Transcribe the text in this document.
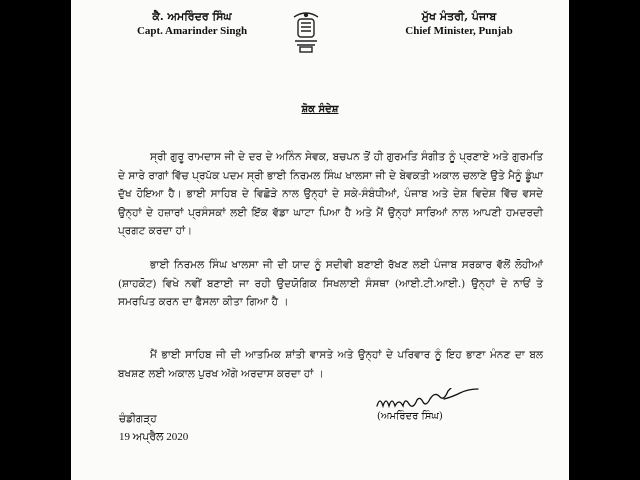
ਕੈ. ਅਮਰਿੰਦਰ ਸਿੰਘ
Capt. Amarinder Singh
ਮੁੱਖ ਮੰਤਰੀ, ਪੰਜਾਬ
Chief Minister, Punjab
ਸ਼ੋਕ ਸੰਦੇਸ਼
ਸ੍ਰੀ ਗੁਰੂ ਰਾਮਦਾਸ ਜੀ ਦੇ ਦਰ ਦੇ ਅਨਿੰਨ ਸੇਵਕ, ਬਚਪਨ ਤੋਂ ਹੀ ਗੁਰਮਤਿ ਸੰਗੀਤ ਨੂੰ ਪ੍ਰਣਾਏ ਅਤੇ ਗੁਰਮਤਿ ਦੇ ਸਾਰੇ ਰਾਗਾਂ ਵਿੱਚ ਪ੍ਰਪੱਕ ਪਦਮ ਸ੍ਰੀ ਭਾਈ ਨਿਰਮਲ ਸਿੰਘ ਖਾਲਸਾ ਜੀ ਦੇ ਬੇਵਕਤੀ ਅਕਾਲ ਚਲਾਣੇ ਉਤੇ ਮੈਨੂੰ ਡੂੰਘਾ ਦੁੱਖ ਹੋਇਆ ਹੈ। ਭਾਈ ਸਾਹਿਬ ਦੇ ਵਿਛੋੜੇ ਨਾਲ ਉਨ੍ਹਾਂ ਦੇ ਸਕੇ-ਸੰਬੰਧੀਆਂ, ਪੰਜਾਬ ਅਤੇ ਦੇਸ਼ ਵਿਦੇਸ਼ ਵਿੱਚ ਵਸਦੇ ਉਨ੍ਹਾਂ ਦੇ ਹਜ਼ਾਰਾਂ ਪ੍ਰਸੰਸਕਾਂ ਲਈ ਇੱਕ ਵੱਡਾ ਘਾਟਾ ਪਿਆ ਹੈ ਅਤੇ ਮੈਂ ਉਨ੍ਹਾਂ ਸਾਰਿਆਂ ਨਾਲ ਆਪਣੀ ਹਮਦਰਦੀ ਪ੍ਰਗਟ ਕਰਦਾ ਹਾਂ।
ਭਾਈ ਨਿਰਮਲ ਸਿੰਘ ਖਾਲਸਾ ਜੀ ਦੀ ਯਾਦ ਨੂੰ ਸਦੀਵੀ ਬਣਾਈ ਰੱਖਣ ਲਈ ਪੰਜਾਬ ਸਰਕਾਰ ਵੱਲੋਂ ਲੋਹੀਆਂ (ਸ਼ਾਹਕੋਟ) ਵਿਖੇ ਨਵੀਂ ਬਣਾਈ ਜਾ ਰਹੀ ਉਦਯੋਗਿਕ ਸਿਖਲਾਈ ਸੰਸਥਾ (ਆਈ.ਟੀ.ਆਈ.) ਉਨ੍ਹਾਂ ਦੇ ਨਾਓਂ ਤੇ ਸਮਰਪਿਤ ਕਰਨ ਦਾ ਫੈਸਲਾ ਕੀਤਾ ਗਿਆ ਹੈ ।
ਮੈਂ ਭਾਈ ਸਾਹਿਬ ਜੀ ਦੀ ਆਤਮਿਕ ਸ਼ਾਂਤੀ ਵਾਸਤੇ ਅਤੇ ਉਨ੍ਹਾਂ ਦੇ ਪਰਿਵਾਰ ਨੂੰ ਇਹ ਭਾਣਾ ਮੰਨਣ ਦਾ ਬਲ ਬਖਸ਼ਣ ਲਈ ਅਕਾਲ ਪੁਰਖ ਅੱਗੇ ਅਰਦਾਸ ਕਰਦਾ ਹਾਂ ।
(ਅਮਰਿੰਦਰ ਸਿੰਘ)
ਚੰਡੀਗੜ੍ਹ
19 ਅਪ੍ਰੈਲ 2020
